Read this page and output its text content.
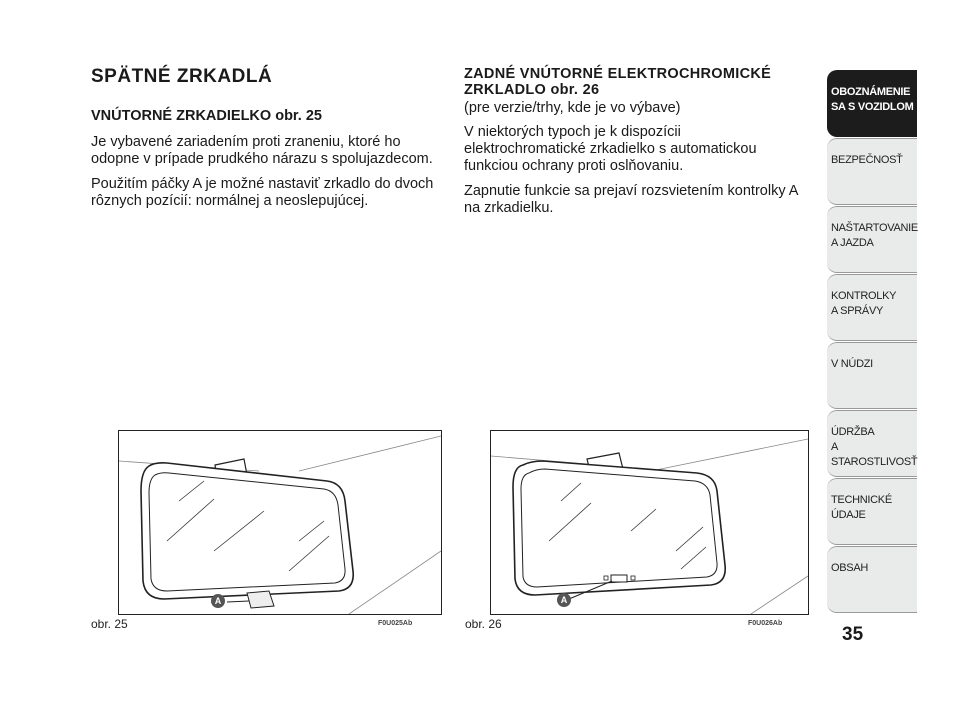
SPÄTNÉ ZRKADLÁ
VNÚTORNÉ ZRKADIELKO obr. 25
Je vybavené zariadením proti zraneniu, ktoré ho odopne v prípade prudkého nárazu s spolujazdecom.
Použitím páčky A je možné nastaviť zrkadlo do dvoch rôznych pozícií: normálnej a neoslepujúcej.
ZADNÉ VNÚTORNÉ ELEKTROCHROMICKÉ
ZRKLADLO obr. 26
(pre verzie/trhy, kde je vo výbave)
V niektorých typoch je k dispozícii elektrochromatické zrkadielko s automatickou funkciou ochrany proti oslňovaniu.
Zapnutie funkcie sa prejaví rozsvietením kontrolky A na zrkadielku.
A	A
obr. 25	F0U025Ab	obr. 26	F0U026Ab
OBOZNÁMENIE
SA S VOZIDLOM
BEZPEČNOSŤ
NAŠTARTOVANIE
A JAZDA
KONTROLKY
A SPRÁVY
V NÚDZI
ÚDRŽBA
A STAROSTLIVOSŤ
TECHNICKÉ
ÚDAJE
OBSAH
35
